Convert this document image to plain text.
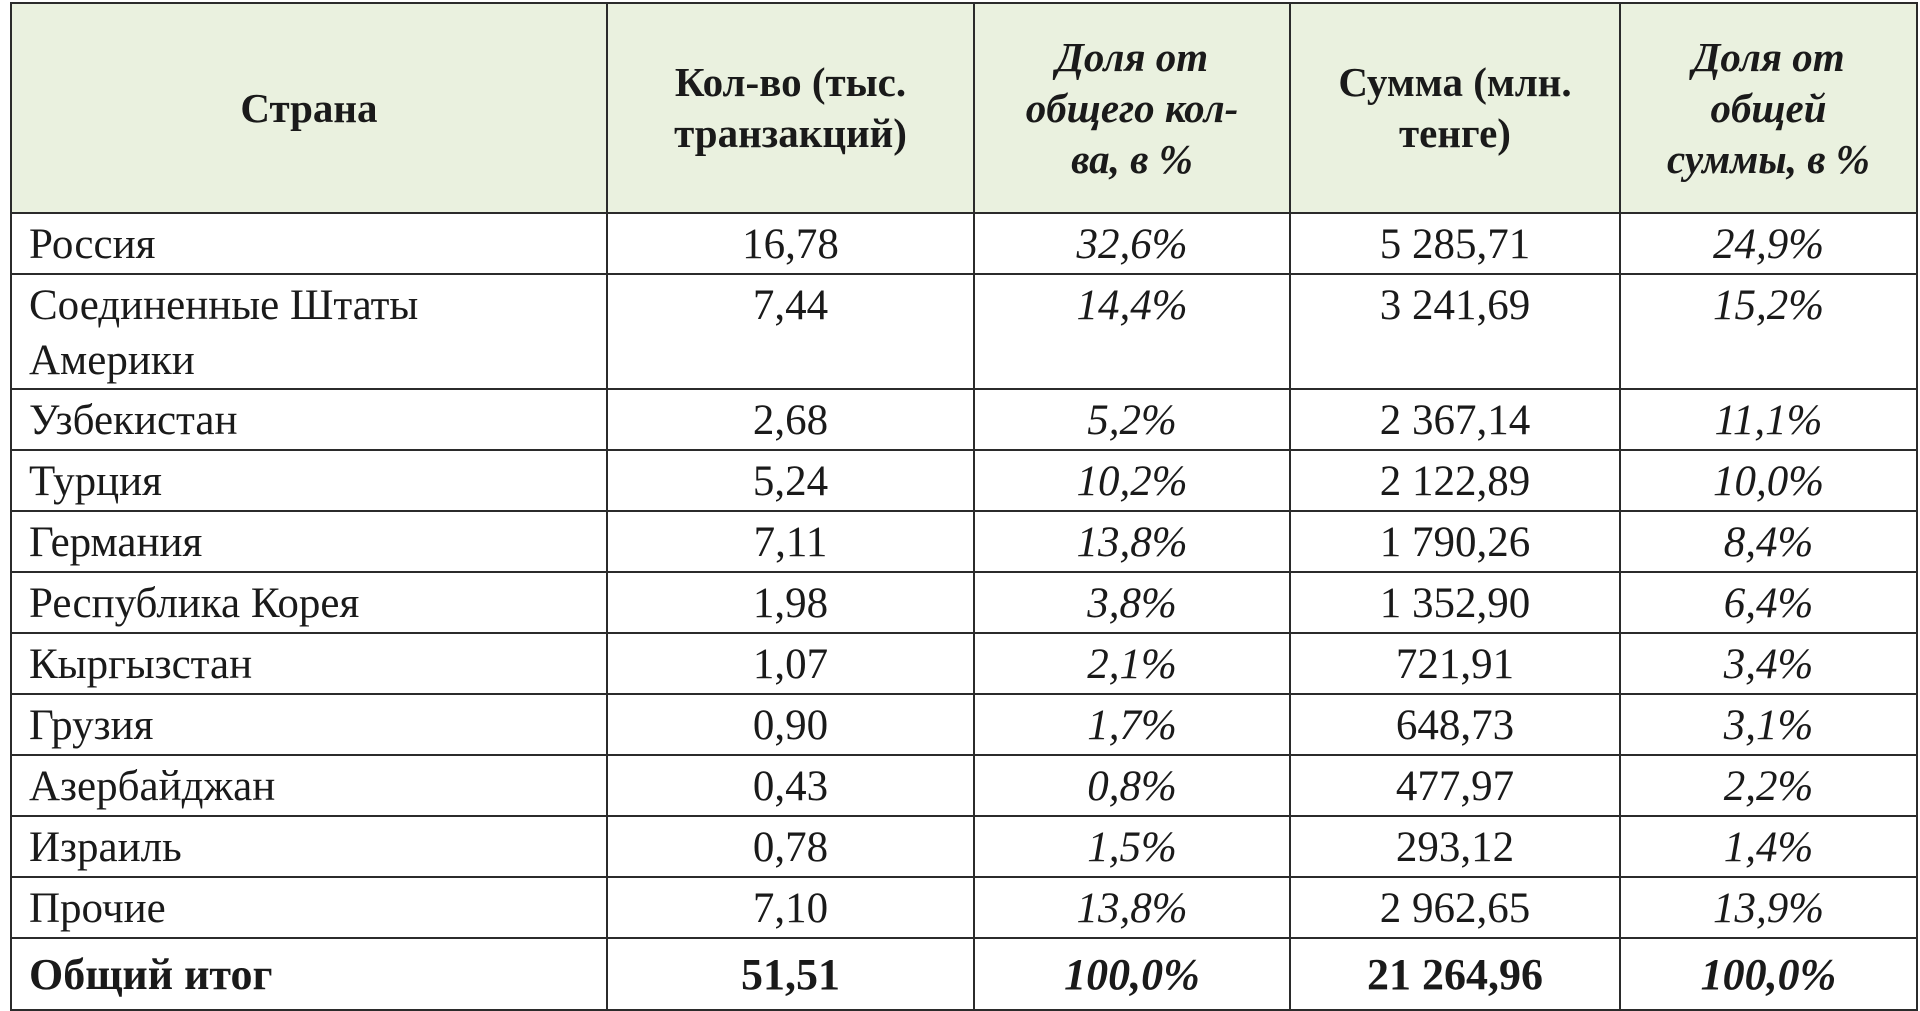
Страна	Кол-во (тыс. транзакций)	Доля от общего кол-ва, в %	Сумма (млн. тенге)	Доля от общей суммы, в %
Россия	16,78	32,6%	5 285,71	24,9%
Соединенные Штаты Америки	7,44	14,4%	3 241,69	15,2%
Узбекистан	2,68	5,2%	2 367,14	11,1%
Турция	5,24	10,2%	2 122,89	10,0%
Германия	7,11	13,8%	1 790,26	8,4%
Республика Корея	1,98	3,8%	1 352,90	6,4%
Кыргызстан	1,07	2,1%	721,91	3,4%
Грузия	0,90	1,7%	648,73	3,1%
Азербайджан	0,43	0,8%	477,97	2,2%
Израиль	0,78	1,5%	293,12	1,4%
Прочие	7,10	13,8%	2 962,65	13,9%
Общий итог	51,51	100,0%	21 264,96	100,0%
